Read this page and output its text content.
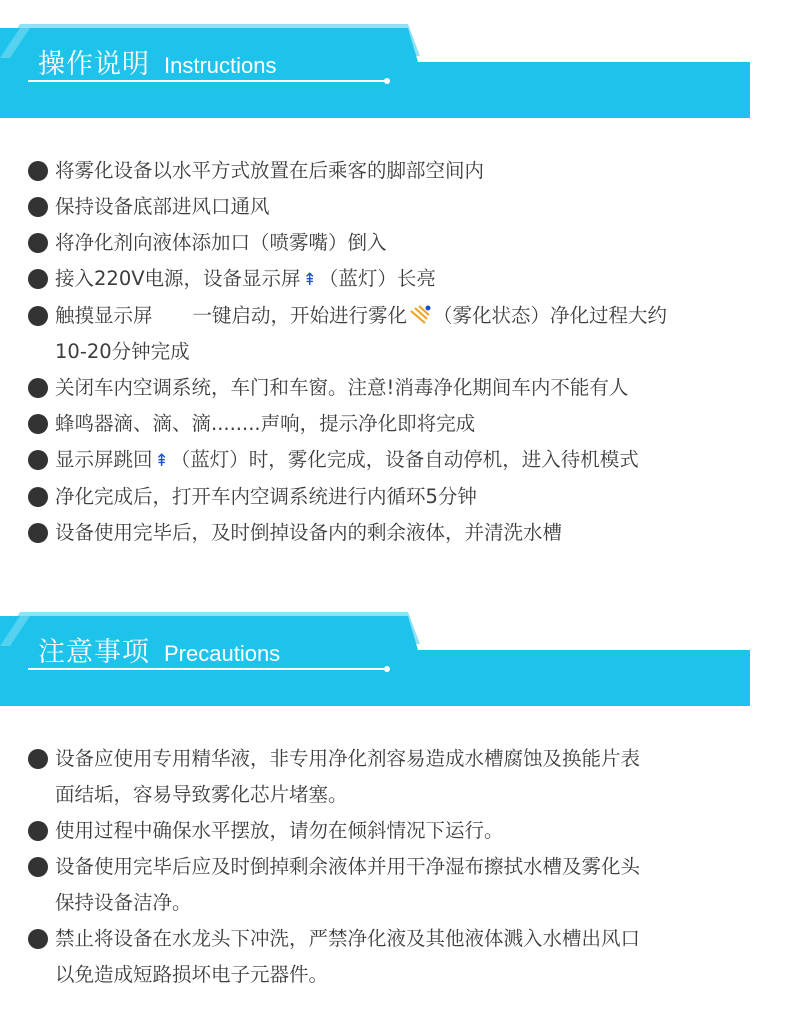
操作说明 Instructions
将雾化设备以水平方式放置在后乘客的脚部空间内
保持设备底部进风口通风
将净化剂向液体添加口（喷雾嘴）倒入
接入220V电源，设备显示屏 ⇞ （蓝灯）长亮
触摸显示屏 一键启动，开始进行雾化 （雾化状态）净化过程大约
10-20分钟完成
关闭车内空调系统，车门和车窗。注意!消毒净化期间车内不能有人
蜂鸣器滴、滴、滴........声响，提示净化即将完成
显示屏跳回 ⇞ （蓝灯）时，雾化完成，设备自动停机，进入待机模式
净化完成后，打开车内空调系统进行内循环5分钟
设备使用完毕后，及时倒掉设备内的剩余液体，并清洗水槽
注意事项 Precautions
设备应使用专用精华液，非专用净化剂容易造成水槽腐蚀及换能片表
面结垢，容易导致雾化芯片堵塞。
使用过程中确保水平摆放，请勿在倾斜情况下运行。
设备使用完毕后应及时倒掉剩余液体并用干净湿布擦拭水槽及雾化头
保持设备洁净。
禁止将设备在水龙头下冲洗，严禁净化液及其他液体溅入水槽出风口
以免造成短路损坏电子元器件。
